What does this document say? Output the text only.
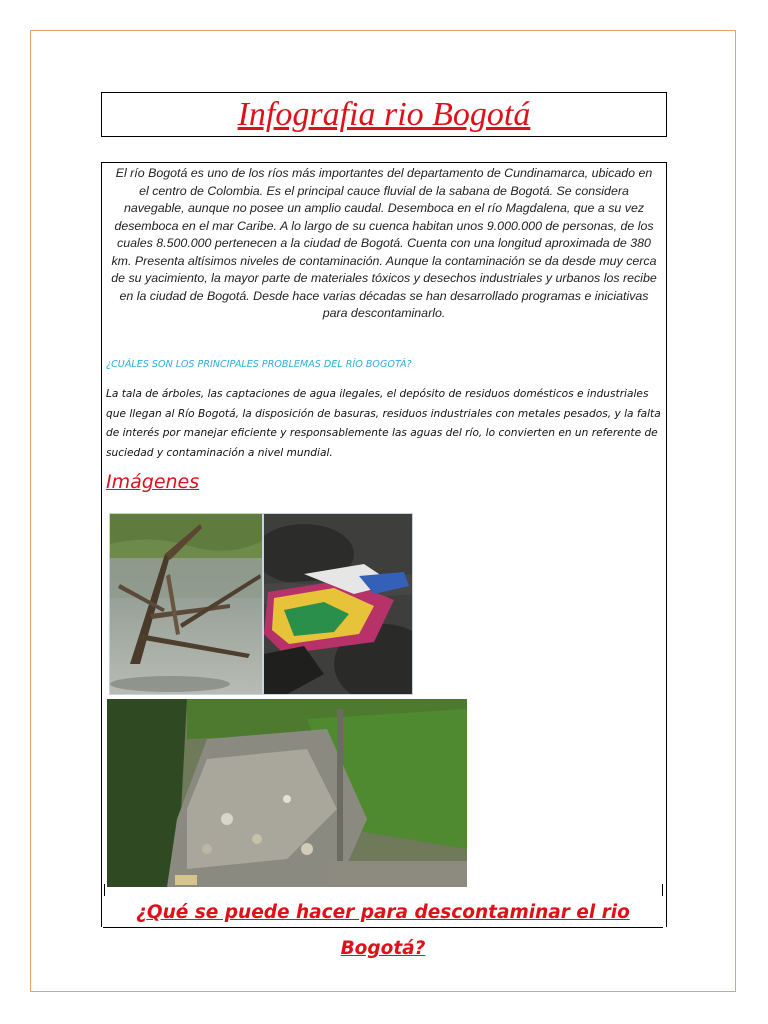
Infografia rio Bogotá
El río Bogotá es uno de los ríos más importantes del departamento de Cundinamarca, ubicado en el centro de Colombia. Es el principal cauce fluvial de la sabana de Bogotá. Se considera navegable, aunque no posee un amplio caudal. Desemboca en el río Magdalena, que a su vez desemboca en el mar Caribe. A lo largo de su cuenca habitan unos 9.000.000 de personas, de los cuales 8.500.000 pertenecen a la ciudad de Bogotá. Cuenta con una longitud aproximada de 380 km. Presenta altísimos niveles de contaminación. Aunque la contaminación se da desde muy cerca de su yacimiento, la mayor parte de materiales tóxicos y desechos industriales y urbanos los recibe en la ciudad de Bogotá. Desde hace varias décadas se han desarrollado programas e iniciativas para descontaminarlo.
¿CUÁLES SON LOS PRINCIPALES PROBLEMAS DEL RÍO BOGOTÁ?
La tala de árboles, las captaciones de agua ilegales, el depósito de residuos domésticos e industriales que llegan al Río Bogotá, la disposición de basuras, residuos industriales con metales pesados, y la falta de interés por manejar eficiente y responsablemente las aguas del río, lo convierten en un referente de suciedad y contaminación a nivel mundial.
Imágenes
¿Qué se puede hacer para descontaminar el rio Bogotá?
